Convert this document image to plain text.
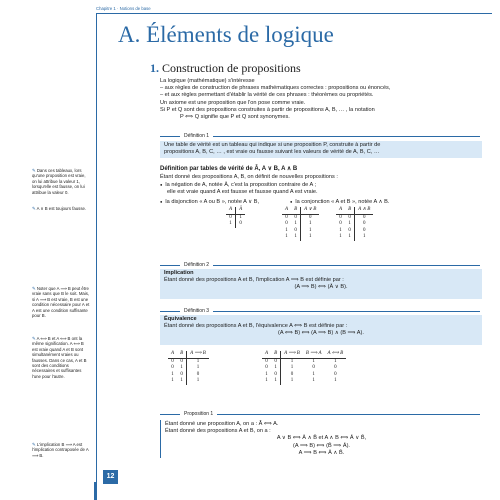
Chapitre 1 · Notions de base
12
A. Éléments de logique
1. Construction de propositions
La logique (mathématique) s'intéresse
– aux règles de construction de phrases mathématiques correctes : propositions ou énoncés,
– et aux règles permettant d'établir la vérité de ces phrases : théorèmes ou propriétés.
Un axiome est une proposition que l'on pose comme vraie.
Si P et Q sont des propositions construites à partir de propositions A, B, … , la notation
P ⟺ Q signifie que P et Q sont synonymes.
Définition 1
Une table de vérité est un tableau qui indique si une proposition P, construite à partir de
propositions A, B, C, … , est vraie ou fausse suivant les valeurs de vérité de A, B, C, …
Définition par tables de vérité de Ā, A ∨ B, A ∧ B
Étant donné des propositions A, B, on définit de nouvelles propositions :
● la négation de A, notée Ā, c'est la proposition contraire de A ;
elle est vraie quand A est fausse et fausse quand A est vraie.
● la disjonction « A ou B », notée A ∨ B,	● la conjonction « A et B », notée A ∧ B.
A	Ā
0	1
1	0
A	B	A ∨ B
0	0	0
0	1	1
1	0	1
1	1	1
A	B	A ∧ B
0	0	0
0	1	0
1	0	0
1	1	1
Définition 2
Implication
Étant donné des propositions A et B, l'implication A ⟹ B est définie par :
(A ⟹ B) ⟺ (Ā ∨ B).
Définition 3
Équivalence
Étant donné des propositions A et B, l'équivalence A ⟺ B est définie par :
(A ⟺ B) ⟺ (A ⟹ B) ∧ (B ⟹ A).
A	B	A ⟹ B
0	0	1
0	1	1
1	0	0
1	1	1
A	B	A ⟹ B	B ⟹ A	A ⟺ B
0	0	1	1	1
0	1	1	0	0
1	0	0	1	0
1	1	1	1	1
Proposition 1
Étant donné une proposition A, on a : Ā̄ ⟺ A.
Étant donné des propositions A et B, on a :
A ∨ B ⟺ Ā ∧ B̄ et A ∧ B ⟺ Ā ∨ B̄,
(A ⟹ B) ⟺ (B̄ ⟹ Ā).
A ⟹ B ⟺ Ā ∧ B̄.
✎ Dans ces tableaux, lors qu'une proposition est vraie, on lui attribue la valeur 1, lorsqu'elle est fausse, on lui attribue la valeur 0.
✎ A ∨ B est toujours fausse.
✎ Noter que A ⟹ B peut être vraie sans que B le soit. Mais, si A ⟹ B est vraie, B est une condition nécessaire pour A et A est une condition suffisante pour B.
✎ A ⟺ B et A ⟺ B ont la même signification. A ⟺ B est vraie quand A et B sont simultanément vraies ou fausses. Dans ce cas, A et B sont des conditions nécessaires et suffisantes l'une pour l'autre.
✎ L'implication B ⟹ A est l'implication contraposée de A ⟹ B.
